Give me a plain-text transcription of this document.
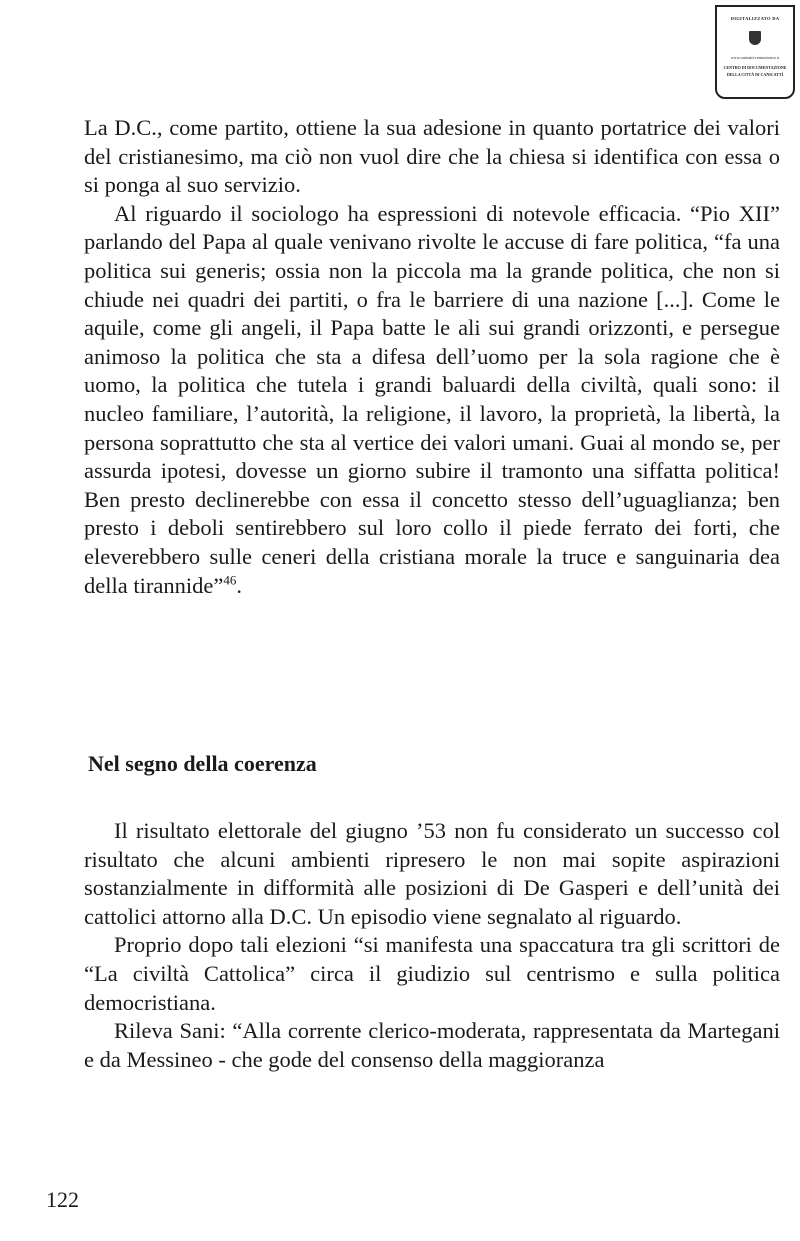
DIGITALIZZATO DA
www.canicatti-centrostorico.it
CENTRO DI DOCUMENTAZIONE
DELLA CITTÀ DI CANICATTÌ

La D.C., come partito, ottiene la sua adesione in quanto portatrice dei valori del cristianesimo, ma ciò non vuol dire che la chiesa si identifica con essa o si ponga al suo servizio.

Al riguardo il sociologo ha espressioni di notevole efficacia. “Pio XII” parlando del Papa al quale venivano rivolte le accuse di fare politica, “fa una politica sui generis; ossia non la piccola ma la grande politica, che non si chiude nei quadri dei partiti, o fra le barriere di una nazione [...]. Come le aquile, come gli angeli, il Papa batte le ali sui grandi orizzonti, e persegue animoso la politica che sta a difesa dell’uomo per la sola ragione che è uomo, la politica che tutela i grandi baluardi della civiltà, quali sono: il nucleo familiare, l’autorità, la religione, il lavoro, la proprietà, la libertà, la persona soprattutto che sta al vertice dei valori umani. Guai al mondo se, per assurda ipotesi, dovesse un giorno subire il tramonto una siffatta politica! Ben presto declinerebbe con essa il concetto stesso dell’uguaglianza; ben presto i deboli sentirebbero sul loro collo il piede ferrato dei forti, che eleverebbero sulle ceneri della cristiana morale la truce e sanguinaria dea della tirannide”$^{46}$.

Nel segno della coerenza

Il risultato elettorale del giugno ’53 non fu considerato un successo col risultato che alcuni ambienti ripresero le non mai sopite aspirazioni sostanzialmente in difformità alle posizioni di De Gasperi e dell’unità dei cattolici attorno alla D.C. Un episodio viene segnalato al riguardo.

Proprio dopo tali elezioni “si manifesta una spaccatura tra gli scrittori de “La civiltà Cattolica” circa il giudizio sul centrismo e sulla politica democristiana.

Rileva Sani: “Alla corrente clerico-moderata, rappresentata da Martegani e da Messineo - che gode del consenso della maggioranza

122
